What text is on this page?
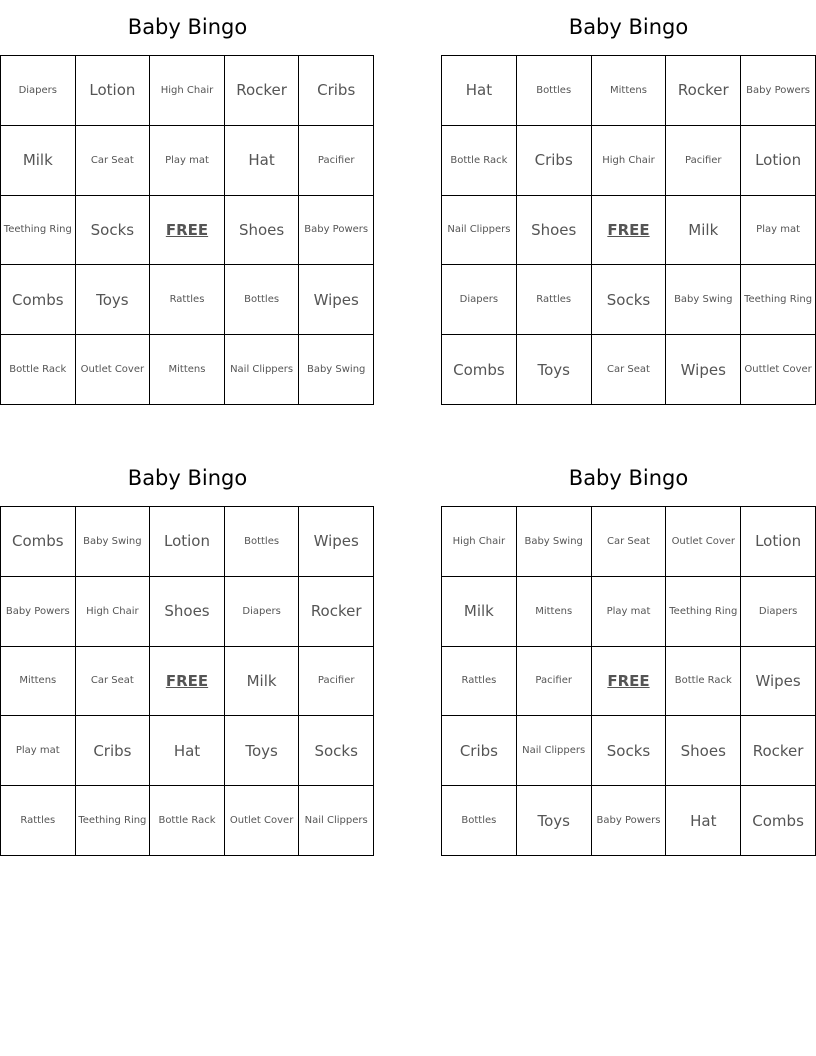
Baby Bingo
Diapers	Lotion	High Chair	Rocker	Cribs
Milk	Car Seat	Play mat	Hat	Pacifier
Teething Ring	Socks	FREE	Shoes	Baby Powers
Combs	Toys	Rattles	Bottles	Wipes
Bottle Rack	Outlet Cover	Mittens	Nail Clippers	Baby Swing
Baby Bingo
Hat	Bottles	Mittens	Rocker	Baby Powers
Bottle Rack	Cribs	High Chair	Pacifier	Lotion
Nail Clippers	Shoes	FREE	Milk	Play mat
Diapers	Rattles	Socks	Baby Swing	Teething Ring
Combs	Toys	Car Seat	Wipes	Outtlet Cover
Baby Bingo
Combs	Baby Swing	Lotion	Bottles	Wipes
Baby Powers	High Chair	Shoes	Diapers	Rocker
Mittens	Car Seat	FREE	Milk	Pacifier
Play mat	Cribs	Hat	Toys	Socks
Rattles	Teething Ring	Bottle Rack	Outlet Cover	Nail Clippers
Baby Bingo
High Chair	Baby Swing	Car Seat	Outlet Cover	Lotion
Milk	Mittens	Play mat	Teething Ring	Diapers
Rattles	Pacifier	FREE	Bottle Rack	Wipes
Cribs	Nail Clippers	Socks	Shoes	Rocker
Bottles	Toys	Baby Powers	Hat	Combs
